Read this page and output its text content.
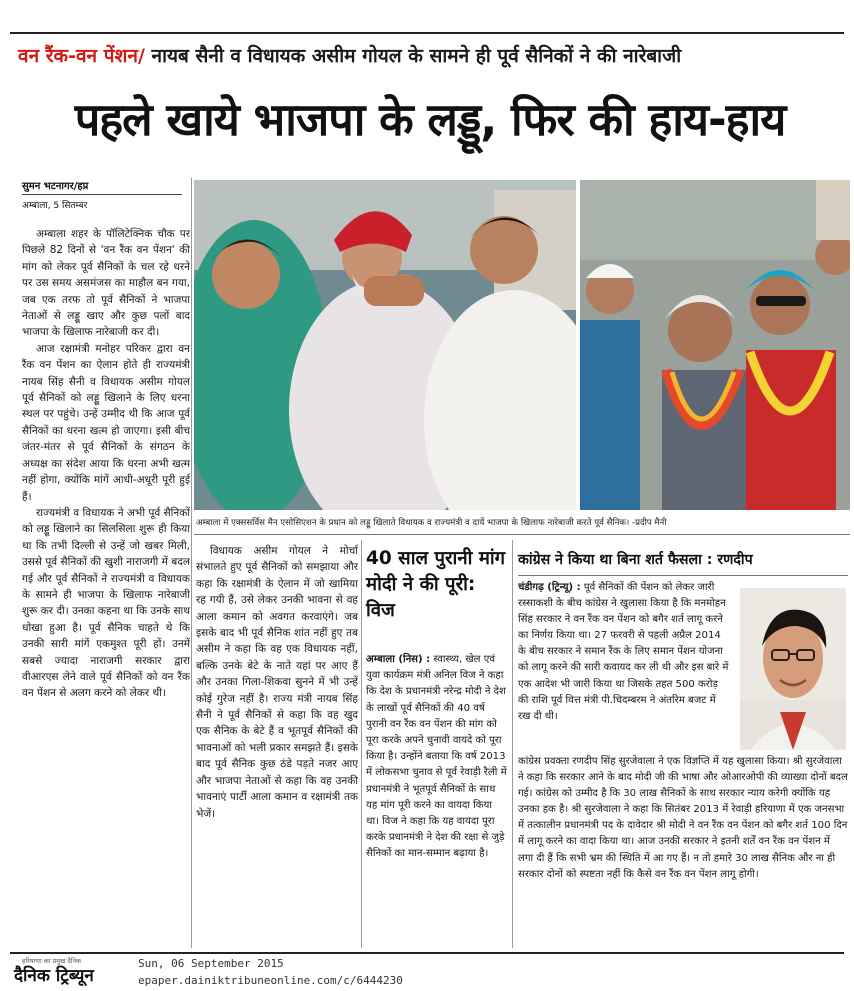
वन रैंक-वन पेंशन/ नायब सैनी व विधायक असीम गोयल के सामने ही पूर्व सैनिकों ने की नारेबाजी
पहले खाये भाजपा के लड्डू, फिर की हाय-हाय
सुमन भटनागर/हप्र
अम्बाला, 5 सितम्बर

अम्बाला शहर के पॉलिटेक्निक चौक पर पिछले 82 दिनों से 'वन रैंक वन पेंशन' की मांग को लेकर पूर्व सैनिकों के चल रहे धरने पर उस समय असमंजस का माहौल बन गया, जब एक तरफ तो पूर्व सैनिकों ने भाजपा नेताओं से लड्डू खाए और कुछ पलों बाद भाजपा के खिलाफ नारेबाजी कर दी।

आज रक्षामंत्री मनोहर परिकर द्वारा वन रैंक वन पेंशन का ऐलान होते ही राज्यमंत्री नायब सिंह सैनी व विधायक असीम गोयल पूर्व सैनिकों को लड्डू खिलाने के लिए धरना स्थल पर पहुंचे। उन्हें उम्मीद थी कि आज पूर्व सैनिकों का धरना खत्म हो जाएगा। इसी बीच जंतर-मंतर से पूर्व सैनिकों के संगठन के अध्यक्ष का संदेश आया कि धरना अभी खत्म नहीं होगा, क्योंकि मांगें आधी-अधूरी पूरी हुई हैं।

राज्यमंत्री व विधायक ने अभी पूर्व सैनिकों को लड्डू खिलाने का सिलसिला शुरू ही किया था कि तभी दिल्ली से उन्हें जो खबर मिली, उससे पूर्व सैनिकों की खुशी नाराजगी में बदल गई और पूर्व सैनिकों ने राज्यमंत्री व विधायक के सामने ही भाजपा के खिलाफ नारेबाजी शुरू कर दी। उनका कहना था कि उनके साथ धोखा हुआ है। पूर्व सैनिक चाहते थे कि उनकी सारी मांगें एकमुश्त पूरी हों। उनमें सबसे ज्यादा नाराजगी सरकार द्वारा वीआरएस लेने वाले पूर्व सैनिकों को वन रैंक वन पेंशन से अलग करने को लेकर थी।

अम्बाला में एक्ससर्विस मैन एसोसिएशन के प्रधान को लड्डू खिलाते विधायक व राज्यमंत्री व दायें भाजपा के खिलाफ नारेबाजी करते पूर्व सैनिक। -प्रदीप मैनी

विधायक असीम गोयल ने मोर्चा संभालते हुए पूर्व सैनिकों को समझाया और कहा कि रक्षामंत्री के ऐलान में जो खामिया रह गयी हैं, उसे लेकर उनकी भावना से वह आला कमान को अवगत करवाएंगे। जब इसके बाद भी पूर्व सैनिक शांत नहीं हुए तब असीम ने कहा कि वह एक विधायक नहीं, बल्कि उनके बेटे के नाते यहां पर आए हैं और उनका गिला-शिकवा सुनने में भी उन्हें कोई गुरेज नहीं है। राज्य मंत्री नायब सिंह सैनी ने पूर्व सैनिकों से कहा कि वह खुद एक सैनिक के बेटे हैं व भूतपूर्व सैनिकों की भावनाओं को भली प्रकार समझते हैं। इसके बाद पूर्व सैनिक कुछ ठंडे पड़ते नजर आए और भाजपा नेताओं से कहा कि वह उनकी भावनाएं पार्टी आला कमान व रक्षामंत्री तक भेजें।

40 साल पुरानी मांग मोदी ने की पूरी: विज
अम्बाला (निस) : स्वास्थ्य, खेल एवं युवा कार्यक्रम मंत्री अनिल विज ने कहा कि देश के प्रधानमंत्री नरेन्द्र मोदी ने देश के लाखों पूर्व सैनिकों की 40 वर्ष पुरानी वन रैंक वन पेंशन की मांग को पूरा करके अपने चुनावी वायदे को पूरा किया है। उन्होंने बताया कि वर्ष 2013 में लोकसभा चुनाव से पूर्व रेवाड़ी रैली में प्रधानमंत्री ने भूतपूर्व सैनिकों के साथ यह मांग पूरी करने का वायदा किया था। विज ने कहा कि यह वायदा पूरा करके प्रधानमंत्री ने देश की रक्षा से जुड़े सैनिकों का मान-सम्मान बढ़ाया है।
कांग्रेस ने किया था बिना शर्त फैसला : रणदीप
चंडीगढ़ (ट्रिन्यू) : पूर्व सैनिकों की पेंशन को लेकर जारी रस्साकशी के बीच कांग्रेस ने खुलासा किया है कि मनमोहन सिंह सरकार ने वन रैंक वन पेंशन को बगैर शर्त लागू करने का निर्णय किया था। 27 फरवरी से पहली अप्रैल 2014 के बीच सरकार ने समान रैंक के लिए समान पेंशन योजना को लागू करने की सारी कवायद कर ली थी और इस बारे में एक आदेश भी जारी किया था जिसके तहत 500 करोड़ की राशि पूर्व वित्त मंत्री पी.चिदम्बरम ने अंतरिम बजट में रख दी थी।
कांग्रेस प्रवक्ता रणदीप सिंह सुरजेवाला ने एक विज्ञप्ति में यह खुलासा किया। श्री सुरजेवाला ने कहा कि सरकार आने के बाद मोदी जी की भाषा और ओआरओपी की व्याख्या दोनों बदल गई। कांग्रेस को उम्मीद है कि 30 लाख सैनिकों के साथ सरकार न्याय करेगी क्योंकि यह उनका हक है। श्री सुरजेवाला ने कहा कि सितंबर 2013 में रेवाड़ी हरियाणा में एक जनसभा में तत्कालीन प्रधानमंत्री पद के दावेदार श्री मोदी ने वन रैंक वन पेंशन को बगैर शर्त 100 दिन में लागू करने का वादा किया था। आज उनकी सरकार ने इतनी शर्तें वन रैंक वन पेंशन में लगा दी हैं कि सभी भ्रम की स्थिति में आ गए हैं। न तो हमारे 30 लाख सैनिक और ना ही सरकार दोनों को स्पष्टता नहीं कि कैसे वन रैंक वन पेंशन लागू होगी।
हरियाणा का प्रमुख दैनिक
दैनिक ट्रिब्यून
Sun, 06 September 2015
epaper.dainiktribuneonline.com/c/6444230
